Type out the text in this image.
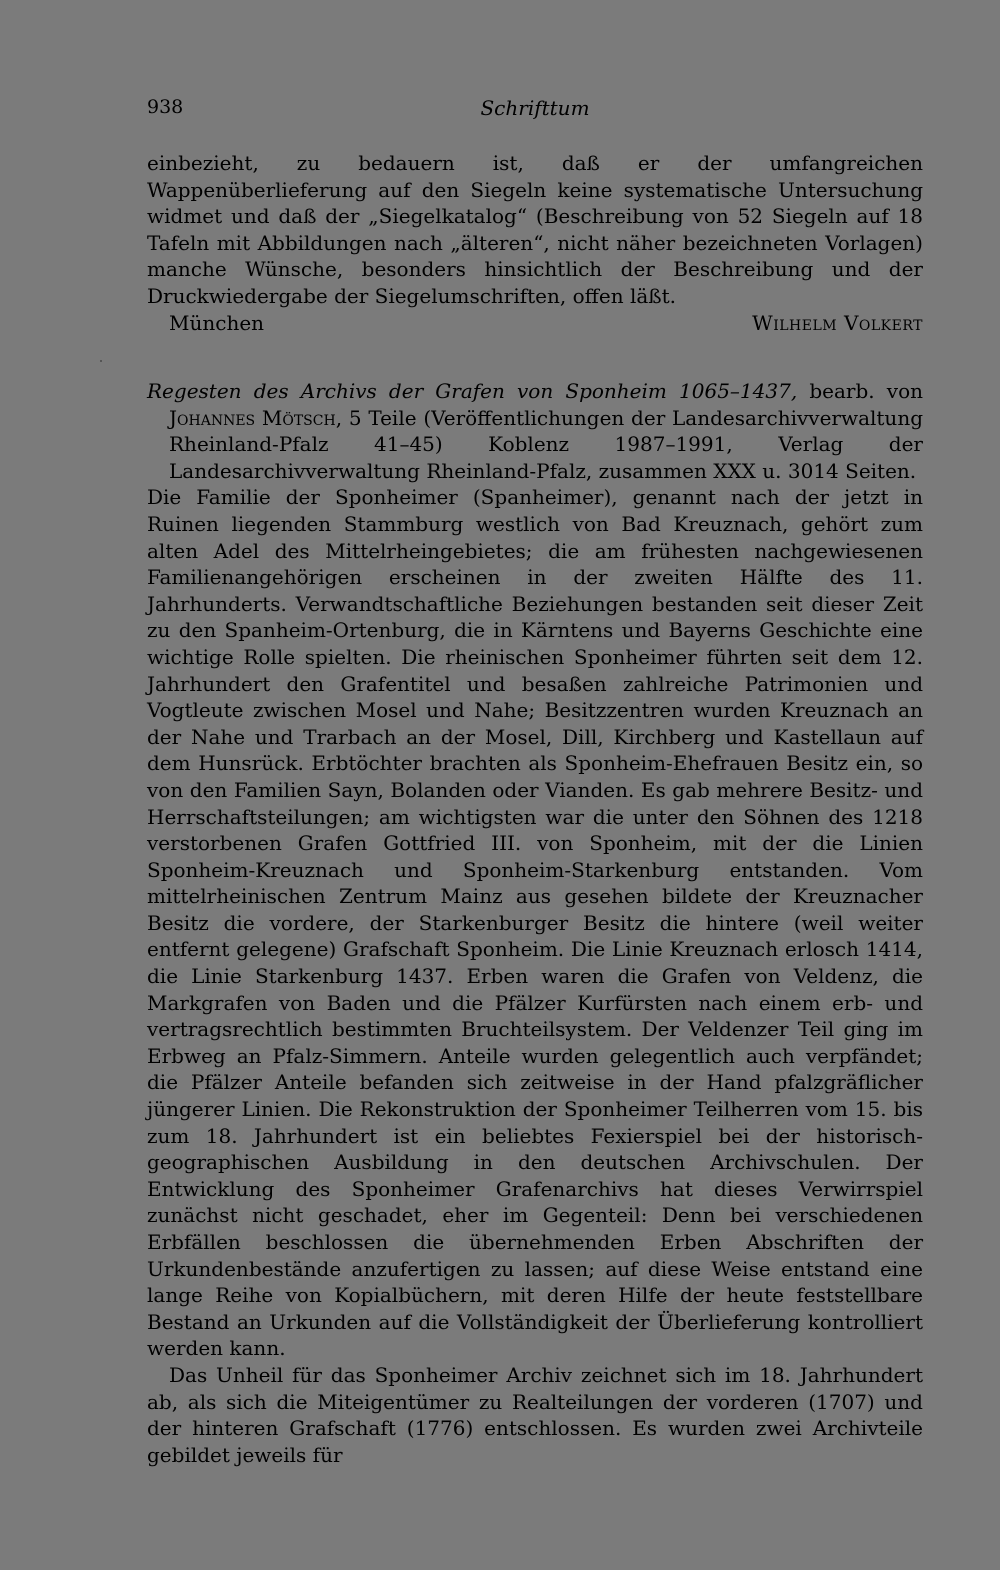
938	Schrifttum

einbezieht, zu bedauern ist, daß er der umfangreichen Wappenüberlieferung auf den Siegeln keine systematische Untersuchung widmet und daß der „Siegelkatalog“ (Beschreibung von 52 Siegeln auf 18 Tafeln mit Abbildungen nach „älteren“, nicht näher bezeichneten Vorlagen) manche Wünsche, besonders hinsichtlich der Beschreibung und der Druckwiedergabe der Siegelumschriften, offen läßt.

München	Wilhelm Volkert

Regesten des Archivs der Grafen von Sponheim 1065–1437, bearb. von Johannes Mötsch, 5 Teile (Veröffentlichungen der Landesarchivverwaltung Rheinland-Pfalz 41–45) Koblenz 1987–1991, Verlag der Landesarchivverwaltung Rheinland-Pfalz, zusammen XXX u. 3014 Seiten.

Die Familie der Sponheimer (Spanheimer), genannt nach der jetzt in Ruinen liegenden Stammburg westlich von Bad Kreuznach, gehört zum alten Adel des Mittelrheingebietes; die am frühesten nachgewiesenen Familienangehörigen erscheinen in der zweiten Hälfte des 11. Jahrhunderts. Verwandtschaftliche Beziehungen bestanden seit dieser Zeit zu den Spanheim-Ortenburg, die in Kärntens und Bayerns Geschichte eine wichtige Rolle spielten. Die rheinischen Sponheimer führten seit dem 12. Jahrhundert den Grafentitel und besaßen zahlreiche Patrimonien und Vogtleute zwischen Mosel und Nahe; Besitzzentren wurden Kreuznach an der Nahe und Trarbach an der Mosel, Dill, Kirchberg und Kastellaun auf dem Hunsrück. Erbtöchter brachten als Sponheim-Ehefrauen Besitz ein, so von den Familien Sayn, Bolanden oder Vianden. Es gab mehrere Besitz- und Herrschaftsteilungen; am wichtigsten war die unter den Söhnen des 1218 verstorbenen Grafen Gottfried III. von Sponheim, mit der die Linien Sponheim-Kreuznach und Sponheim-Starkenburg entstanden. Vom mittelrheinischen Zentrum Mainz aus gesehen bildete der Kreuznacher Besitz die vordere, der Starkenburger Besitz die hintere (weil weiter entfernt gelegene) Grafschaft Sponheim. Die Linie Kreuznach erlosch 1414, die Linie Starkenburg 1437. Erben waren die Grafen von Veldenz, die Markgrafen von Baden und die Pfälzer Kurfürsten nach einem erb- und vertragsrechtlich bestimmten Bruchteilsystem. Der Veldenzer Teil ging im Erbweg an Pfalz-Simmern. Anteile wurden gelegentlich auch verpfändet; die Pfälzer Anteile befanden sich zeitweise in der Hand pfalzgräflicher jüngerer Linien. Die Rekonstruktion der Sponheimer Teilherren vom 15. bis zum 18. Jahrhundert ist ein beliebtes Fexierspiel bei der historisch-geographischen Ausbildung in den deutschen Archivschulen. Der Entwicklung des Sponheimer Grafenarchivs hat dieses Verwirrspiel zunächst nicht geschadet, eher im Gegenteil: Denn bei verschiedenen Erbfällen beschlossen die übernehmenden Erben Abschriften der Urkundenbestände anzufertigen zu lassen; auf diese Weise entstand eine lange Reihe von Kopialbüchern, mit deren Hilfe der heute feststellbare Bestand an Urkunden auf die Vollständigkeit der Überlieferung kontrolliert werden kann.

Das Unheil für das Sponheimer Archiv zeichnet sich im 18. Jahrhundert ab, als sich die Miteigentümer zu Realteilungen der vorderen (1707) und der hinteren Grafschaft (1776) entschlossen. Es wurden zwei Archivteile gebildet jeweils für
